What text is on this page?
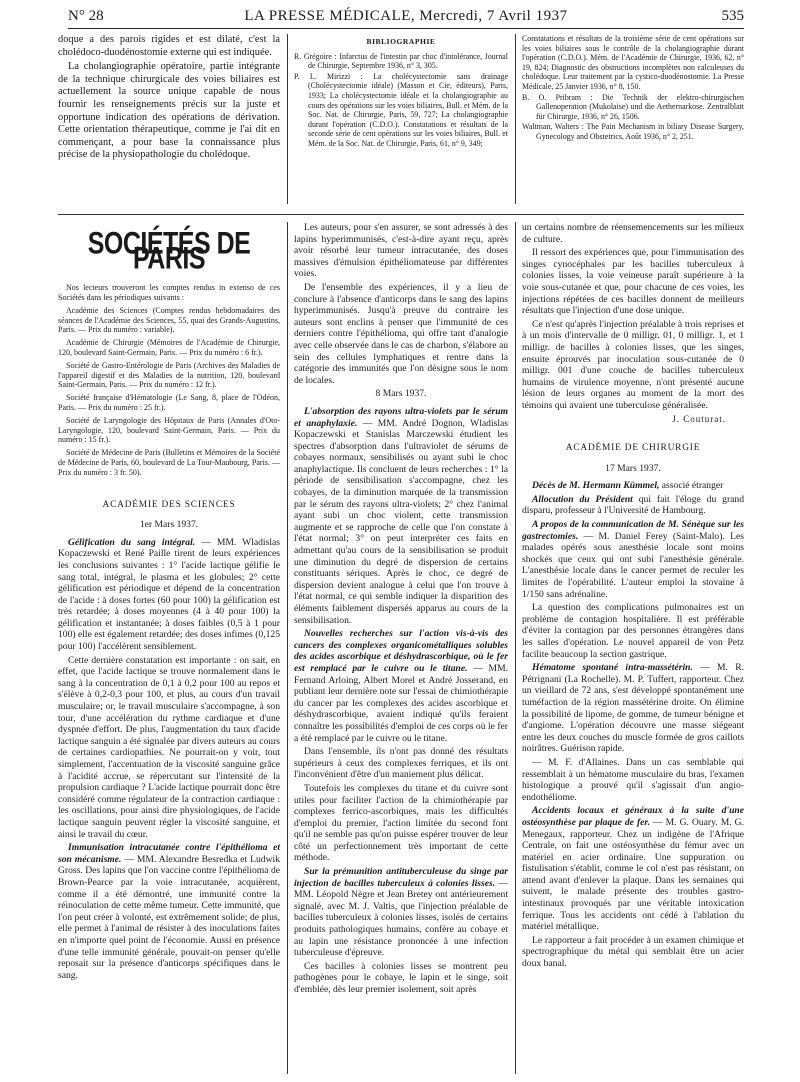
N° 28	LA PRESSE MÉDICALE, Mercredi, 7 Avril 1937	535

doque a des parois rigides et est dilaté, c'est la cholédoco-duodénostomie externe qui est indiquée.

La cholangiographie opératoire, partie intégrante de la technique chirurgicale des voies biliaires est actuellement la source unique capable de nous fournir les renseignements précis sur la juste et opportune indication des opérations de dérivation. Cette orientation thérapeutique, comme je l'ai dit en commençant, a pour base la connaissance plus précise de la physiopathologie du cholédoque.

BIBLIOGRAPHIE

R. Grégoire : Infarctus de l'intestin par choc d'intolérance, Journal de Chirurgie, Septembre 1936, n° 3, 305.

P. L. Mirizzi : La cholécystectomie sans drainage (Cholécystectomie idéale) (Masson et Cie, éditeurs), Paris, 1933; La cholécystectomie idéale et la cholangiographie au cours des opérations sur les voies biliaires, Bull. et Mém. de la Soc. Nat. de Chirurgie, Paris, 59, 727; La cholangiographie durant l'opération (C.D.O.). Constatations et résultats de la seconde série de cent opérations sur les voies biliaires, Bull. et Mém. de la Soc. Nat. de Chirurgie, Paris, 61, n° 9, 349;

Constatations et résultats de la troisième série de cent opérations sur les voies biliaires sous le contrôle de la cholangiographie durant l'opération (C.D.O.). Mém. de l'Académie de Chirurgie, 1936, 62, n° 19, 824; Diagnostic des obstructions incomplètes non calculeuses du cholédoque. Leur traitement par la cystico-duodénostomie. La Presse Médicale, 25 Janvier 1936, n° 8, 150.

B. O. Pribram : Die Technik der elektro-chirurgischen Gallenoperation (Mukolaise) und die Aethernarkose. Zentralblatt für Chirurgie, 1936, n° 26, 1506.

Waltman, Walters : The Pain Mechanism in biliary Disease Surgery, Gynecology and Obstetrics, Août 1936, n° 2, 251.

SOCIÉTÉS DE PARIS

Nos lecteurs trouveront les comptes rendus in extenso de ces Sociétés dans les périodiques suivants :

Académie des Sciences (Comptes rendus hebdomadaires des séances de l'Académie des Sciences, 55, quai des Grands-Augustins, Paris. — Prix du numéro : variable).

Académie de Chirurgie (Mémoires de l'Académie de Chirurgie, 120, boulevard Saint-Germain, Paris. — Prix du numéro : 6 fr.).

Société de Gastro-Entérologie de Paris (Archives des Maladies de l'appareil digestif et des Maladies de la nutrition, 120, boulevard Saint-Germain, Paris. — Prix du numéro : 12 fr.).

Société française d'Hématologie (Le Sang, 8, place de l'Odéon, Paris. — Prix du numéro : 25 fr.).

Société de Laryngologie des Hôpitaux de Paris (Annales d'Oto-Laryngologie, 120, boulevard Saint-Germain, Paris. — Prix du numéro : 15 fr.).

Société de Médecine de Paris (Bulletins et Mémoires de la Société de Médecine de Paris, 60, boulevard de La Tour-Maubourg, Paris. — Prix du numéro : 3 fr. 50).

ACADÉMIE DES SCIENCES
1er Mars 1937.

Gélification du sang intégral. — MM. Wladislas Kopaczewski et René Paille tirent de leurs expériences les conclusions suivantes : 1° l'acide lactique gélifie le sang total, intégral, le plasma et les globules; 2° cette gélification est périodique et dépend de la concentration de l'acide : à doses fortes (60 pour 100) la gélification est très retardée; à doses moyennes (4 à 40 pour 100) la gélification et instantanée; à doses faibles (0,5 à 1 pour 100) elle est également retardée; des doses infimes (0,125 pour 100) l'accélèrent sensiblement.

Cette dernière constatation est importante : on sait, en effet, que l'acide lactique se trouve normalement dans le sang à la concentration de 0,1 à 0,2 pour 100 au repos et s'élève à 0,2-0,3 pour 100, et plus, au cours d'un travail musculaire; or, le travail musculaire s'accompagne, à son tour, d'une accélération du rythme cardiaque et d'une dyspnée d'effort. De plus, l'augmentation du taux d'acide lactique sanguin a été signalée par divers auteurs au cours de certaines cardiopathies. Ne pourrait-on y voir, tout simplement, l'accentuation de la viscosité sanguine grâce à l'acidité accrue, se répercutant sur l'intensité de la propulsion cardiaque ? L'acide lactique pourrait donc être considéré comme régulateur de la contraction cardiaque : les oscillations, pour ainsi dire physiologiques, de l'acide lactique sanguin peuvent régler la viscosité sanguine, et ainsi le travail du cœur.

Immunisation intracutanée contre l'épithélioma et son mécanisme. — MM. Alexandre Besredka et Ludwik Gross. Des lapins que l'on vaccine contre l'épithélioma de Brown-Pearce par la voie intracutanée, acquièrent, comme il a été démontré, une immunité contre la réinoculation de cette même tumeur. Cette immunité, que l'on peut créer à volonté, est extrêmement solide; de plus, elle permet à l'animal de résister à des inoculations faites en n'importe quel point de l'économie. Aussi en présence d'une telle immunité générale, pouvait-on penser qu'elle reposait sur la présence d'anticorps spécifiques dans le sang.

Les auteurs, pour s'en assurer, se sont adressés à des lapins hyperimmunisés, c'est-à-dire ayant reçu, après avoir résorbé leur tumeur intracutanée, des doses massives d'émulsion épithéliomateuse par différentes voies.

De l'ensemble des expériences, il y a lieu de conclure à l'absence d'anticorps dans le sang des lapins hyperimmunisés. Jusqu'à preuve du contraire les auteurs sont enclins à penser que l'immunité de ces derniers contre l'épithélioma, qui offre tant d'analogie avec celle observée dans le cas de charbon, s'élabore au sein des cellules lymphatiques et rentre dans la catégorie des immunités que l'on désigne sous le nom de locales.

8 Mars 1937.

L'absorption des rayons ultra-violets par le sérum et anaphylaxie. — MM. André Dognon, Wladislas Kopaczewski et Stanislas Marczewski étudient les spectres d'absorption dans l'ultraviolet de sérums de cobayes normaux, sensibilisés ou ayant subi le choc anaphylactique. Ils concluent de leurs recherches : 1° la période de sensibilisation s'accompagne, chez les cobayes, de la diminution marquée de la transmission par le sérum des rayons ultra-violets; 2° chez l'animal ayant subi un choc violent, cette transmission augmente et se rapproche de celle que l'on constate à l'état normal; 3° on peut interpréter ces faits en admettant qu'au cours de la sensibilisation se produit une diminution du degré de dispersion de certains constituants sériques. Après le choc, ce degré de dispersion devient analogue à celui que l'on trouve à l'état normal, ce qui semble indiquer la disparition des éléments faiblement dispersés apparus au cours de la sensibilisation.

Nouvelles recherches sur l'action vis-à-vis des cancers des complexes organicométalliques solubles des acides ascorbique et déshydrascorbique, où le fer est remplacé par le cuivre ou le titane. — MM. Fernand Arloing, Albert Morel et André Josserand, en publiant leur dernière note sur l'essai de chimiothérapie du cancer par les complexes des acides ascorbique et déshydrascorbique, avaient indiqué qu'ils feraient connaître les possibilités d'emploi de ces corps où le fer a été remplacé par le cuivre ou le titane.

Dans l'ensemble, ils n'ont pas donné des résultats supérieurs à ceux des complexes ferriques, et ils ont l'inconvénient d'être d'un maniement plus délicat.

Toutefois les complexes du titane et du cuivre sont utiles pour faciliter l'action de la chimiothérapie par complexes ferrico-ascorbiques, mais les difficultés d'emploi du premier, l'action limitée du second font qu'il ne semble pas qu'on puisse espérer trouver de leur côté un perfectionnement très important de cette méthode.

Sur la prémunition antituberculeuse du singe par injection de bacilles tuberculeux à colonies lisses. — MM. Léopold Nègre et Jean Bretey ont antérieurement signalé, avec M. J. Valtis, que l'injection préalable de bacilles tuberculeux à colonies lisses, isolés de certains produits pathologiques humains, confère au cobaye et au lapin une résistance prononcée à une infection tuberculeuse d'épreuve.

Ces bacilles à colonies lisses se montrent peu pathogènes pour le cobaye, le lapin et le singe, soit d'emblée, dès leur premier isolement, soit après

un certains nombre de réensemencements sur les milieux de culture.

Il ressort des expériences que, pour l'immunisation des singes cynocéphales par les bacilles tuberculeux à colonies lisses, la voie veineuse paraît supérieure à la voie sous-cutanée et que, pour chacune de ces voies, les injections répétées de ces bacilles donnent de meilleurs résultats que l'injection d'une dose unique.

Ce n'est qu'après l'injection préalable à trois reprises et à un mois d'intervalle de 0 milligr. 01, 0 milligr. 1, et 1 milligr. de bacilles à colonies lisses, que les singes, ensuite éprouvés par inoculation sous-cutanée de 0 milligr. 001 d'une couche de bacilles tuberculeux humains de virulence moyenne, n'ont présenté aucune lésion de leurs organes au moment de la mort des témoins qui avaient une tuberculose généralisée.

J. Couturat.
ACADÉMIE DE CHIRURGIE
17 Mars 1937.

Décès de M. Hermann Kümmel, associé étranger

Allocution du Président qui fait l'éloge du grand disparu, professeur à l'Université de Hambourg.

A propos de la communication de M. Sénèque sur les gastrectomies. — M. Daniel Ferey (Saint-Malo). Les malades opérés sous anesthésie locale sont moins shockés que ceux qui ont subi l'anesthésie générale. L'anesthésie locale dans le cancer permet de reculer les limites de l'opérabilité. L'auteur emploi la stovaïne à 1/150 sans adrénaline.

La question des complications pulmonaires est un problème de contagion hospitalière. Il est préférable d'éviter la contagion par des personnes étrangères dans les salles d'opération. Le nouvel appareil de von Petz facilite beaucoup la section gastrique.

Hématome spontané intra-massétérin. — M. R. Pétrignani (La Rochelle). M. P. Tuffert, rapporteur. Chez un vieillard de 72 ans, s'est développé spontanément une tuméfaction de la région massétérine droite. On élimine la possibilité de lipome, de gomme, de tumeur bénigne et d'angiome. L'opération découvre une masse siégeant entre les deux couches du muscle formée de gros caillots noirâtres. Guérison rapide.

— M. F. d'Allaines. Dans un cas semblable qui ressemblait à un hématome musculaire du bras, l'examen histologique a prouvé qu'il s'agissait d'un angio-endothéliome.

Accidents locaux et généraux à la suite d'une ostéosynthèse par plaque de fer. — M. G. Ouary. M. G. Menegaux, rapporteur. Chez un indigène de l'Afrique Centrale, on fait une ostéosynthèse du fémur avec un matériel en acier ordinaire. Une suppuration ou fistulisation s'établit, comme le col n'est pas résistant, on attend avant d'enlever la plaque. Dans les semaines qui suivent, le malade présente des troubles gastro-intestinaux provoqués par une véritable intoxication ferrique. Tous les accidents ont cédé à l'ablation du matériel métallique.

Le rapporteur a fait procéder à un examen chimique et spectrographique du métal qui semblait être un acier doux banal.
